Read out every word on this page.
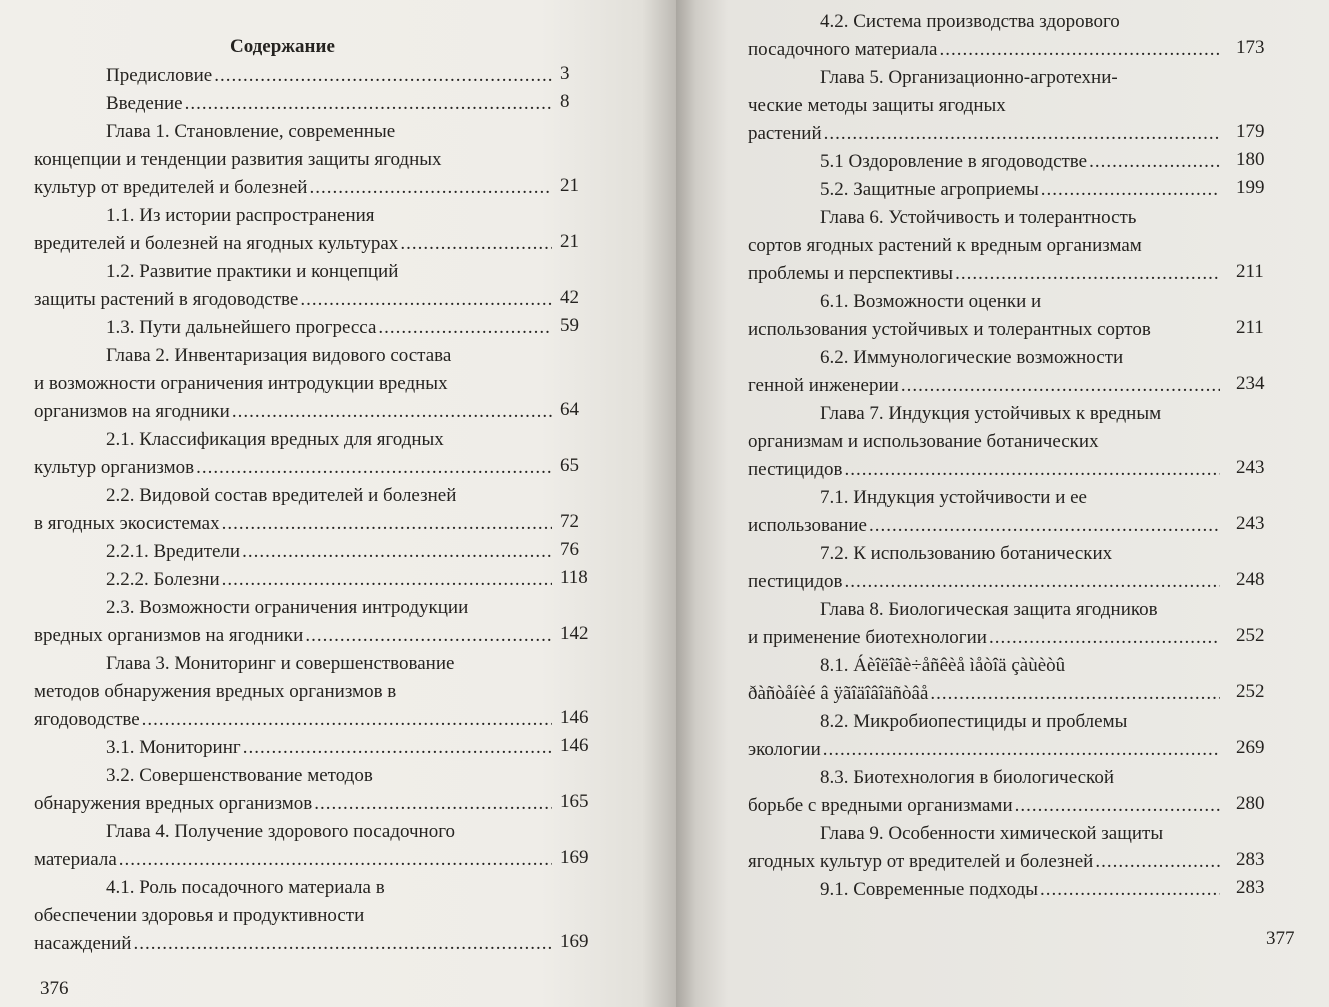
Содержание
Предисловие .....	3
Введение .....	8

Глава 1. Становление, современные

концепции и тенденции развития защиты ягодных

культур от вредителей и болезней .....	21

1.1. Из истории распространения

вредителей и болезней на ягодных культурах .....	21

1.2. Развитие практики и концепций

защиты растений в ягодоводстве .....	42
1.3. Пути дальнейшего прогресса .....	59

Глава 2. Инвентаризация видового состава

и возможности ограничения интродукции вредных

организмов на ягодники .....	64

2.1. Классификация вредных для ягодных

культур организмов .....	65

2.2. Видовой состав вредителей и болезней

в ягодных экосистемах .....	72
2.2.1. Вредители .....	76
2.2.2. Болезни .....	118

2.3. Возможности ограничения интродукции

вредных организмов на ягодники .....	142

Глава 3. Мониторинг и совершенствование

методов обнаружения вредных организмов в

ягодоводстве .....	146
3.1. Мониторинг .....	146

3.2. Совершенствование методов

обнаружения вредных организмов .....	165

Глава 4. Получение здорового посадочного

материала .....	169

4.1. Роль посадочного материала в

обеспечении здоровья и продуктивности

насаждений .....	169
376

4.2. Система производства здорового

посадочного материала .....	173

Глава 5. Организационно-агротехни-

ческие методы защиты ягодных

растений .....	179
5.1 Оздоровление в ягодоводстве .....	180
5.2. Защитные агроприемы .....	199

Глава 6. Устойчивость и толерантность

сортов ягодных растений к вредным организмам

проблемы и перспективы .....	211

6.1. Возможности оценки и

использования устойчивых и толерантных сортов	211

6.2. Иммунологические возможности

генной инженерии .....	234

Глава 7. Индукция устойчивых к вредным

организмам и использование ботанических

пестицидов .....	243

7.1. Индукция устойчивости и ее

использование .....	243

7.2. К использованию ботанических

пестицидов .....	248

Глава 8. Биологическая защита ягодников

и применение биотехнологии .....	252

8.1. Áèîëîãè÷åñêèå ìåòîä çàùèòû

ðàñòåíèé â ÿãîäîâîäñòâå .....	252

8.2. Микробиопестициды и проблемы

экологии .....	269

8.3. Биотехнология в биологической

борьбе с вредными организмами .....	280

Глава 9. Особенности химической защиты

ягодных культур от вредителей и болезней .....	283
9.1. Современные подходы .....	283
377
